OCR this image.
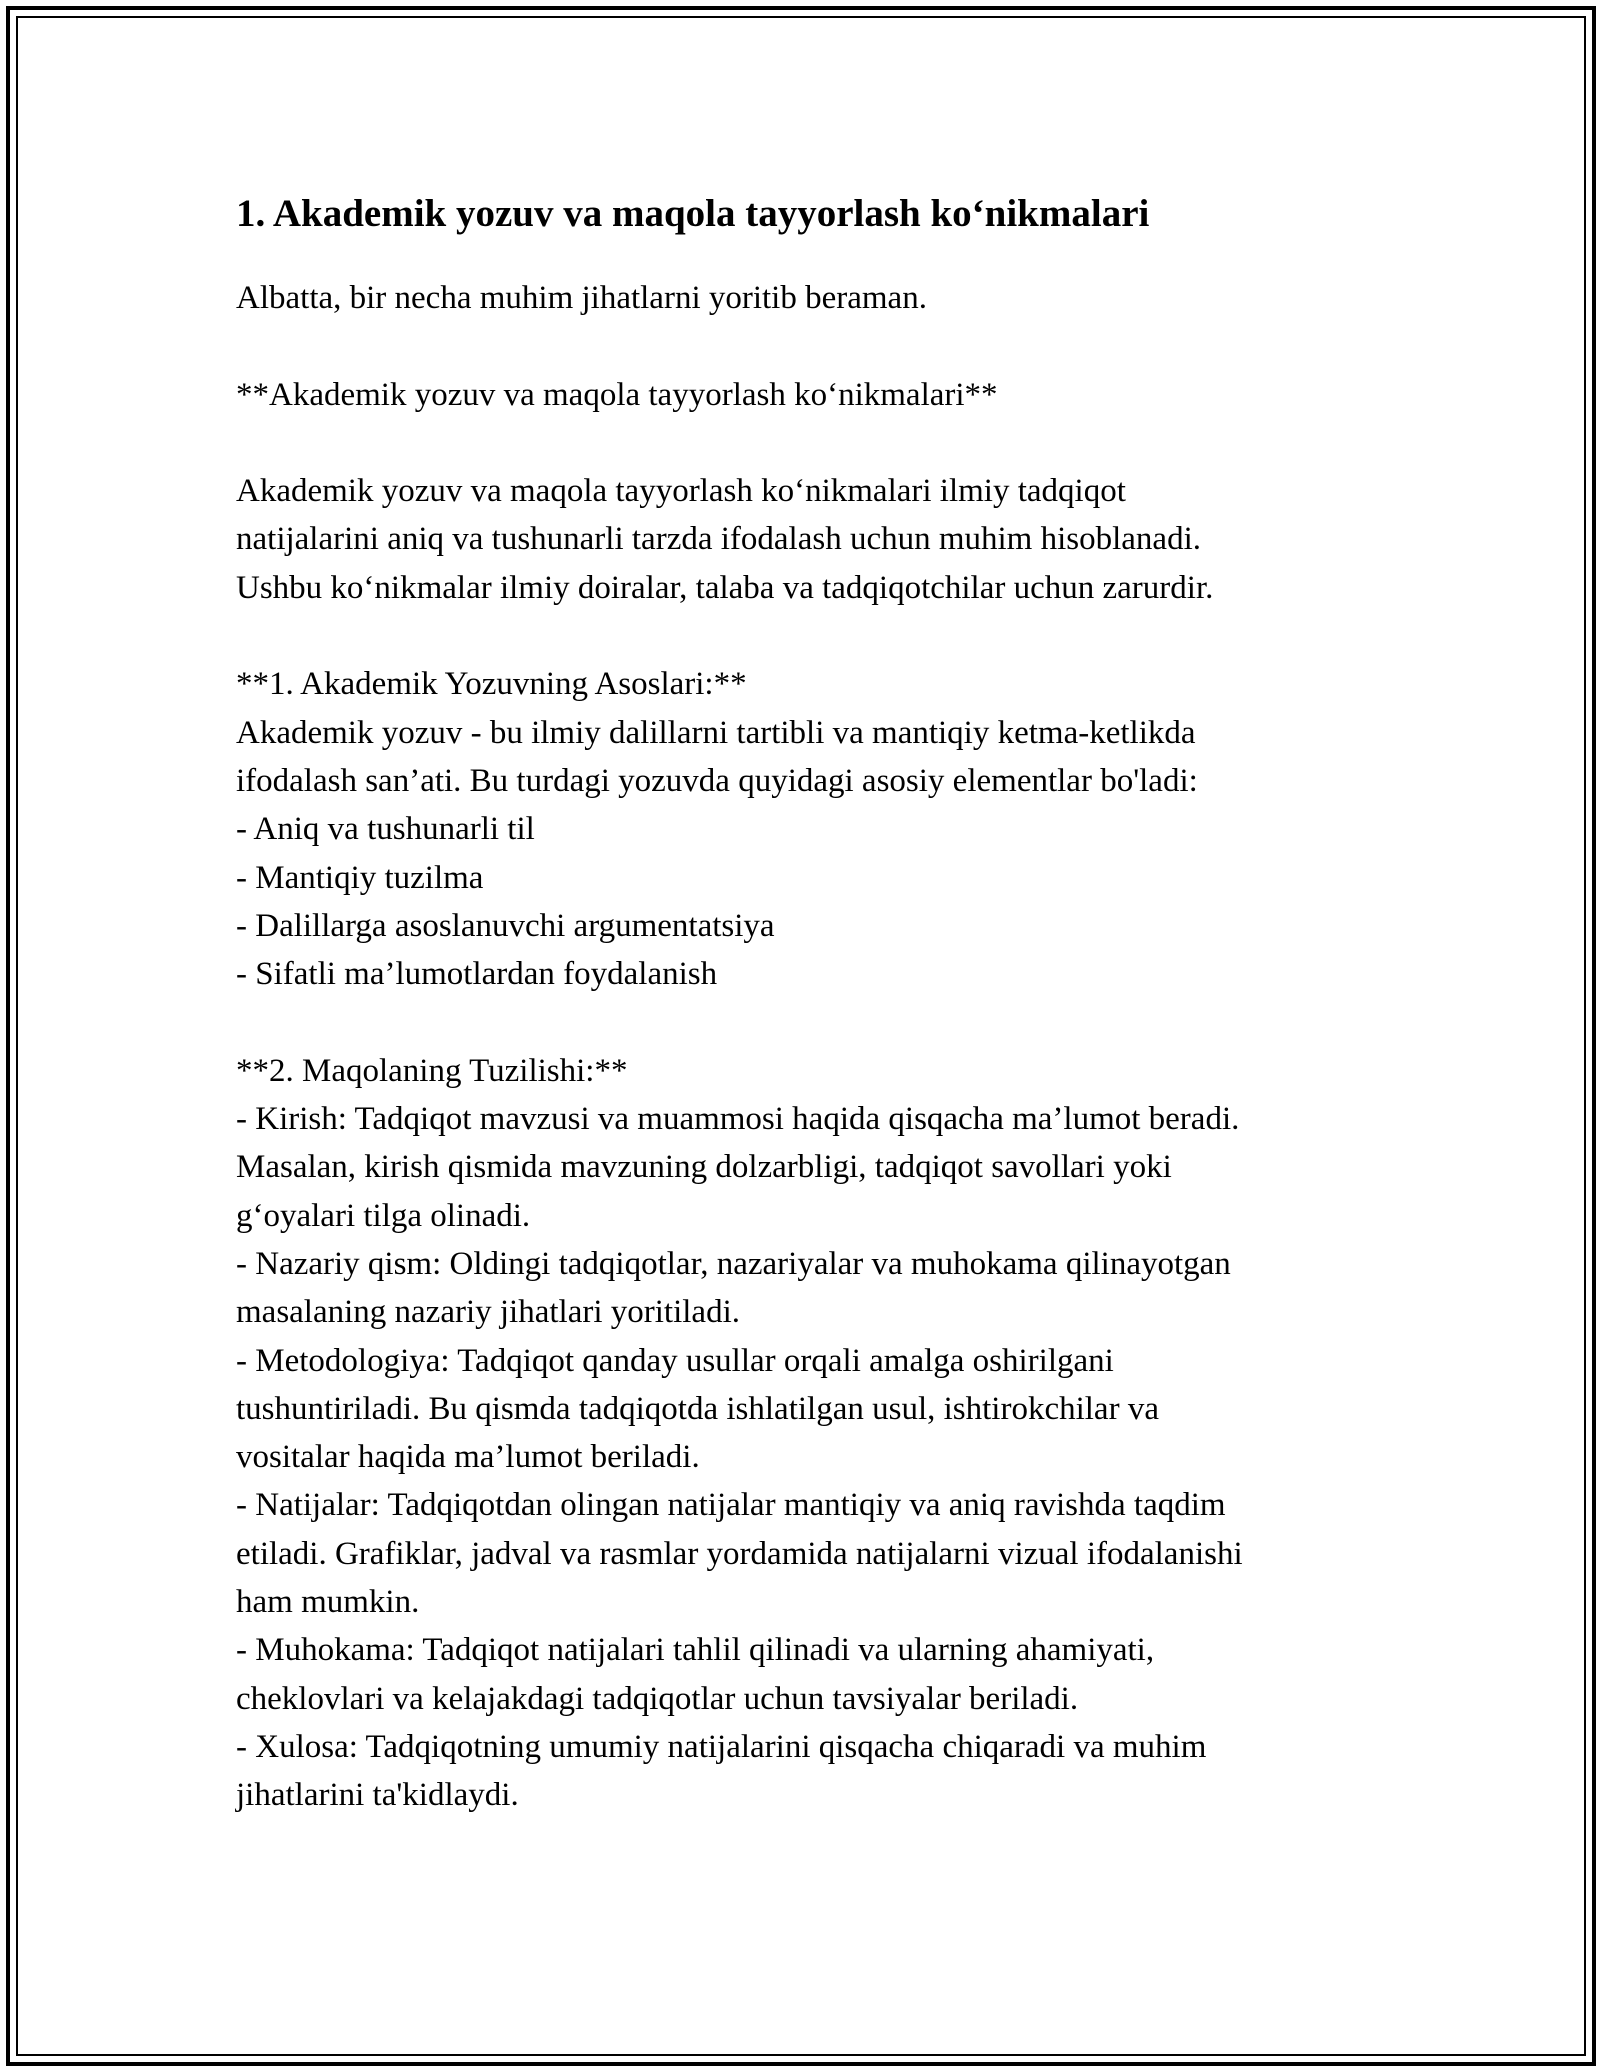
1. Akademik yozuv va maqola tayyorlash ko‘nikmalari

Albatta, bir necha muhim jihatlarni yoritib beraman.

**Akademik yozuv va maqola tayyorlash ko‘nikmalari**

Akademik yozuv va maqola tayyorlash ko‘nikmalari ilmiy tadqiqot

natijalarini aniq va tushunarli tarzda ifodalash uchun muhim hisoblanadi.

Ushbu ko‘nikmalar ilmiy doiralar, talaba va tadqiqotchilar uchun zarurdir.

**1. Akademik Yozuvning Asoslari:**

Akademik yozuv - bu ilmiy dalillarni tartibli va mantiqiy ketma-ketlikda

ifodalash san’ati. Bu turdagi yozuvda quyidagi asosiy elementlar bo'ladi:

- Aniq va tushunarli til

- Mantiqiy tuzilma

- Dalillarga asoslanuvchi argumentatsiya

- Sifatli ma’lumotlardan foydalanish

**2. Maqolaning Tuzilishi:**

- Kirish: Tadqiqot mavzusi va muammosi haqida qisqacha ma’lumot beradi.

Masalan, kirish qismida mavzuning dolzarbligi, tadqiqot savollari yoki

g‘oyalari tilga olinadi.

- Nazariy qism: Oldingi tadqiqotlar, nazariyalar va muhokama qilinayotgan

masalaning nazariy jihatlari yoritiladi.

- Metodologiya: Tadqiqot qanday usullar orqali amalga oshirilgani

tushuntiriladi. Bu qismda tadqiqotda ishlatilgan usul, ishtirokchilar va

vositalar haqida ma’lumot beriladi.

- Natijalar: Tadqiqotdan olingan natijalar mantiqiy va aniq ravishda taqdim

etiladi. Grafiklar, jadval va rasmlar yordamida natijalarni vizual ifodalanishi

ham mumkin.

- Muhokama: Tadqiqot natijalari tahlil qilinadi va ularning ahamiyati,

cheklovlari va kelajakdagi tadqiqotlar uchun tavsiyalar beriladi.

- Xulosa: Tadqiqotning umumiy natijalarini qisqacha chiqaradi va muhim

jihatlarini ta'kidlaydi.
